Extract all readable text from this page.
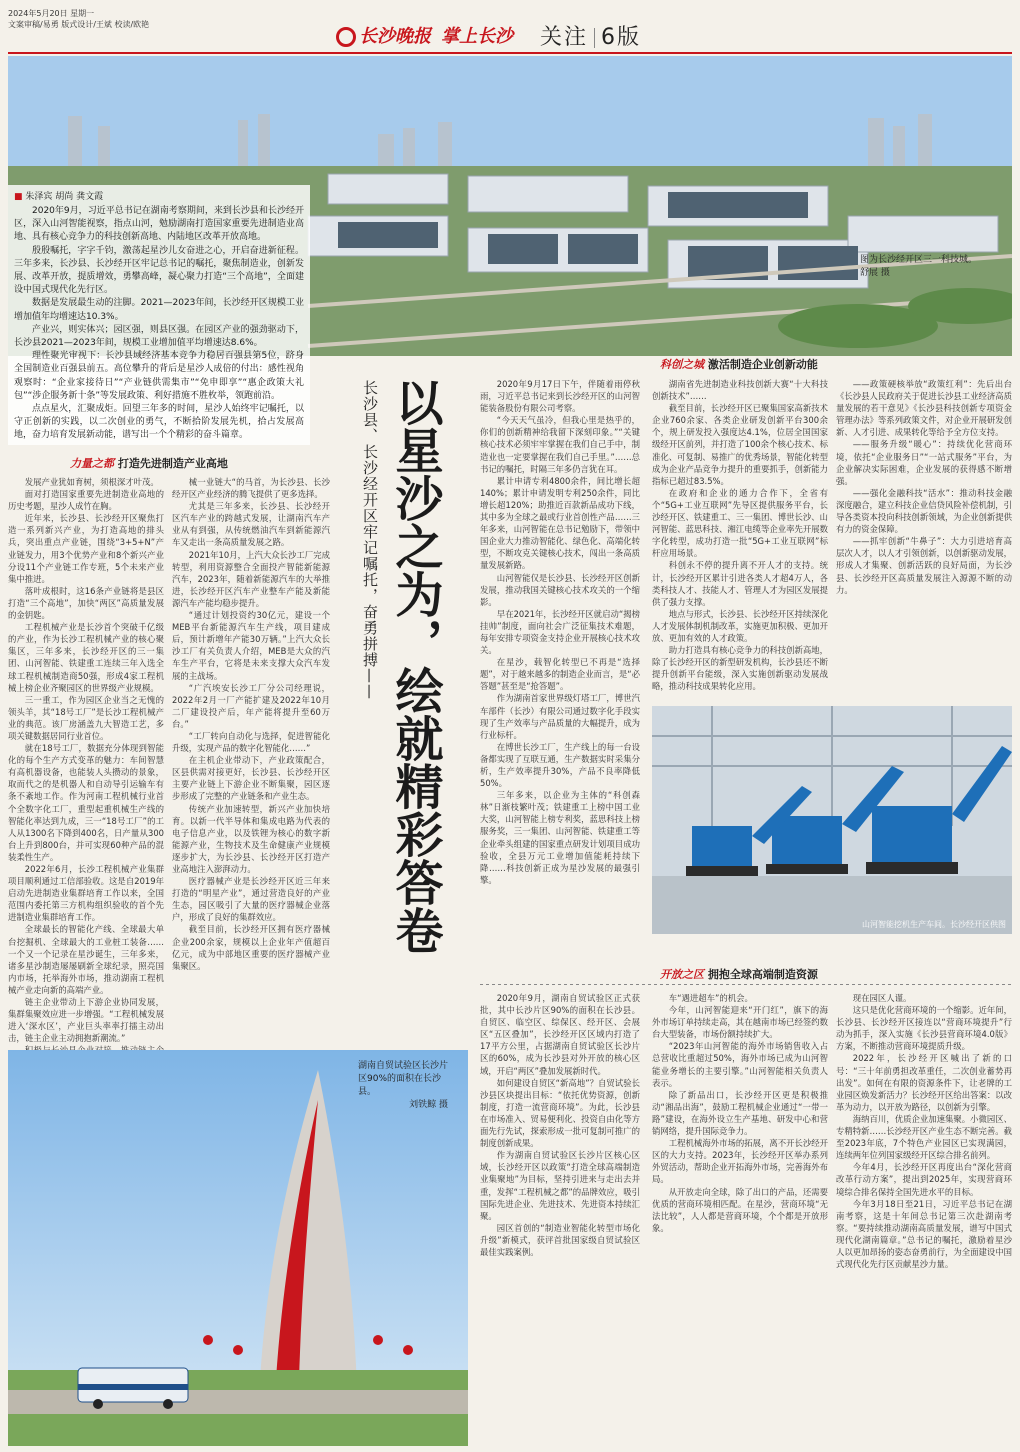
2024年5月20日 星期一
文案审稿/易勇 版式设计/王斌 校读/欧艳
长沙晚报 掌上长沙 关注 6版
图为长沙经开区三一科技城。
舒展 摄
■ 朱泽宾 胡尚 龚文霞
2020年9月，习近平总书记在湖南考察期间，来到长沙县和长沙经开区，深入山河智能视察，指点山河，勉励湖南打造国家重要先进制造业高地、具有核心竞争力的科技创新高地、内陆地区改革开放高地。
殷殷嘱托，字字千钧，激荡起星沙儿女奋进之心，开启奋进新征程。三年多来，长沙县、长沙经开区牢记总书记的嘱托，聚焦制造业，创新发展、改革开放，提质增效，勇攀高峰，凝心聚力打造“三个高地”，全面建设中国式现代化先行区。
数据是发展最生动的注脚。2021—2023年间，长沙经开区规模工业增加值年均增速达10.3%。
产业兴，则实体兴；园区强，则县区强。在园区产业的强劲驱动下，长沙县2021—2023年间，规模工业增加值平均增速达8.6%。
理性聚光审视下：长沙县域经济基本竞争力稳居百强县第5位，跻身全国制造业百强县前五。高位攀升的背后是星沙人成倍的付出：感性视角观察时：“企业家接待日”“产业链供需集市”“免申即享”“惠企政策大礼包”“涉企服务新十条”等发展政策、利好措施不胜枚举，领跑前沿。
点点星火，汇聚成炬。回望三年多的时间，星沙人始终牢记嘱托，以守正创新的实践，以二次创业的勇气，不断拾阶发展先机，拾占发展高地，奋力培育发展新动能，谱写出一个个精彩的奋斗篇章。
力量之都 打造先进制造产业高地

发展产业犹如育树，须根深才叶茂。

面对打造国家重要先进制造业高地的历史考题，星沙人成竹在胸。

近年来，长沙县、长沙经开区聚焦打造一系列新兴产业，为打造高地的排头兵，突出重点产业链，围绕“3+5+N”产业链发力，用3个优势产业和8个新兴产业分设11个产业链工作专班，5个未来产业集中推进。

落叶成根时，这16条产业链将是县区打造“三个高地”，加快“两区”高质量发展的金钥匙。

工程机械产业是长沙首个突破千亿级的产业，作为长沙工程机械产业的核心聚集区，三年多来，长沙经开区的三一集团、山河智能、铁建重工连续三年入选全球工程机械制造商50强，形成4家工程机械上榜企业齐聚园区的世界级产业规模。

三一重工，作为园区企业当之无愧的领头羊，其“18号工厂”是长沙工程机械产业的典范。该厂房涵盖九大智造工艺，多项关键数据居同行业首位。

就在18号工厂，数据充分体现到智能化的每个生产方式变革的魅力：车间智慧有高机器设备，也能装人头攒动的景象，取而代之的是机器人和自动导引运输车有条不紊地工作。作为河南工程机械行业首个全数字化工厂，重型起重机械生产线的智能化率达到九成，三一“18号工厂”的工人从1300名下降到400名，日产量从300台上升到800台，并可实现60种产品的混装柔性生产。

2022年6月，长沙工程机械产业集群项目顺利通过工信部验收。这是自2019年启动先进制造业集群培育工作以来，全国范围内委托第三方机构组织验收的首个先进制造业集群培育工作。

全球最长的智能化产线、全球最大单台挖掘机、全球最大的工业桩工装备……一个又一个记录在星沙诞生，三年多来，诸多星沙制造屡屡刷新全球纪录，照亮国内市场，托举海外市场，推动湖南工程机械产业走向新的高端产业。

链主企业带动上下游企业协同发展，集群集聚效应进一步增强。“工程机械发展进入‘深水区’，产业巨头率率打擂主动出击，链主企业主动拥抱新潮流。”

械一业链大“的马首，为长沙县、长沙经开区产业经济的腾飞提供了更多选择。

尤其是三年多来，长沙县、长沙经开区汽车产业的跨越式发展，让湖南汽车产业从有到强，从传统燃油汽车到新能源汽车又走出一条高质量发展之路。

2021年10月，上汽大众长沙工厂完成转型，利用资源整合全面投产智能新能源汽车，2023年，随着新能源汽车的大举推进，长沙经开区汽车产业整车产能及新能源汽车产能均稳步提升。

“通过计划投资约30亿元，建设一个MEB平台新能源汽车生产线，项目建成后，预计新增年产能30万辆。”上汽大众长沙工厂有关负责人介绍，MEB是大众的汽车生产平台，它将是未来支撑大众汽车发展的主战场。

“广汽埃安长沙工厂分公司经理说，2022年2月一厂产能扩建及2022年10月二厂建设投产后，年产能将提升至60万台。”

“工厂转向自动化与选择，促进智能化升级，实现产品的数字化智能化……”

在主机企业带动下，产业政策配合，区县供需对接更好，长沙县、长沙经开区主要产业链上下游企业不断集聚，园区逐步形成了完整的产业链条和产业生态。

传统产业加速转型，新兴产业加快培育。以新一代半导体和集成电路为代表的电子信息产业，以及铁锂为核心的数字新能源产业，生物技术及生命健康产业规模逐步扩大，为长沙县、长沙经开区打造产业高地注入澎湃动力。

医疗器械产业是长沙经开区近三年来打造的“明星产业”，通过营造良好的产业生态，园区吸引了大量的医疗器械企业落户，形成了良好的集群效应。

截至目前，长沙经开区拥有医疗器械企业200余家，规模以上企业年产值超百亿元，成为中部地区重要的医疗器械产业集聚区。

以星沙之为，绘就精彩答卷
长沙县、长沙经开区牢记嘱托，奋勇拼搏——	2020年9月17日下午，伴随着雨停秋雨，习近平总书记来到长沙经开区的山河智能装备股份有限公司考察。

“今天天气虽冷，但我心里是热乎的，你们的创新精神给我留下深刻印象。”“关键核心技术必须牢牢掌握在我们自己手中，制造业也一定要掌握在我们自己手里。”……总书记的嘱托，时隔三年多仍言犹在耳。

累计申请专利4800余件，间比增长超140%；累计申请发明专利250余件，同比增长超120%；助推近百款新品成功下线，其中多为全球之最或行业首创性产品……三年多来，山河智能在总书记勉励下，带领中国企业大力推动智能化、绿色化、高端化转型，不断攻克关键核心技术，闯出一条高质量发展新路。

山河智能仅是长沙县、长沙经开区创新发展，推动我国关键核心技术攻关的一个缩影。

早在2021年，长沙经开区就启动“揭榜挂帅”制度，面向社会广泛征集技术难题，每年安排专项资金支持企业开展核心技术攻关。

在星沙，载智化转型已不再是“选择题”，对于越来越多的制造企业而言，是“必答题”甚至是“抢答题”。

作为湖南首家世界级灯塔工厂，博世汽车部件（长沙）有限公司通过数字化手段实现了生产效率与产品质量的大幅提升，成为行业标杆。

在博世长沙工厂，生产线上的每一台设备都实现了互联互通，生产数据实时采集分析，生产效率提升30%，产品不良率降低50%。

三年多来，以企业为主体的“科创森林”日渐枝繁叶茂；铁建重工上榜中国工业大奖，山河智能上榜专利奖，蓝思科技上榜服务奖，三一集团、山河智能、铁建重工等企业牵头组建的国家重点研发计划项目成功验收，全县万元工业增加值能耗持续下降……科技创新正成为星沙发展的最强引擎。

科创之城 激活制造企业创新动能

湖南省先进制造业科技创新大赛“十大科技创新技术”……

截至目前，长沙经开区已聚集国家高新技术企业760余家、各类企业研发创新平台300余个，规上研发投入强度达4.1%，位居全国国家级经开区前列，并打造了100余个核心技术、标准化、可复制、易推广的优秀场景，智能化转型成为企业产品竞争力提升的重要抓手，创新能力指标已超过83.5%。

在政府和企业的通力合作下，全省有个“5G+工业互联网”先导区提供服务平台，长沙经开区、铁建重工、三一集团、博世长沙、山河智能、蓝思科技、湘江电缆等企业率先开展数字化转型，成功打造一批“5G+工业互联网”标杆应用场景。

科创永不停的提升离不开人才的支持。统计，长沙经开区累计引进各类人才超4万人，各类科技人才、技能人才、管理人才为园区发展提供了强力支撑。

地点与形式，长沙县、长沙经开区持续深化人才发展体制机制改革，实施更加积极、更加开放、更加有效的人才政策。

助力打造具有核心竞争力的科技创新高地，除了长沙经开区的新型研发机构，长沙县还不断提升创新平台能级，深入实施创新驱动发展战略，推动科技成果转化应用。

——政策硬核举放“政策红利”：先后出台《长沙县人民政府关于促进长沙县工业经济高质量发展的若干意见》《长沙县科技创新专项资金管理办法》等系列政策文件，对企业开展研发创新、人才引进、成果转化等给予全方位支持。

——服务升级“暖心”：持续优化营商环境，依托“企业服务日”“一站式服务”平台，为企业解决实际困难，企业发展的获得感不断增强。

——强化金融科技“活水”：推动科技金融深度融合，建立科技企业信贷风险补偿机制，引导各类资本投向科技创新领域，为企业创新提供有力的资金保障。

——抓牢创新“牛鼻子”：大力引进培育高层次人才，以人才引领创新，以创新驱动发展，形成人才集聚、创新活跃的良好局面，为长沙县、长沙经开区高质量发展注入源源不断的动力。

山河智能挖机生产车间。长沙经开区供图
开放之区 拥抱全球高端制造资源
湖南自贸试验区长沙片区90%的面积在长沙县。
刘铁鲸 摄

2020年9月，湖南自贸试验区正式获批，其中长沙片区90%的面积在长沙县。自贸区、临空区、综保区、经开区、会展区“五区叠加”，长沙经开区区域内打造了17平方公里，占据湖南自贸试验区长沙片区的60%，成为长沙县对外开放的核心区域，开启“两区”叠加发展新时代。

如何建设自贸区“新高地”？自贸试验长沙县区块提出目标：“依托优势资源，创新制度，打造一流营商环境”。为此，长沙县在市场准入、贸易便利化、投资自由化等方面先行先试，探索形成一批可复制可推广的制度创新成果。

作为湖南自贸试验区长沙片区核心区域，长沙经开区以政策“打造全球高端制造业集聚地”为目标，坚持引进来与走出去并重，发挥“工程机械之都”的品牌效应，吸引国际先进企业、先进技术、先进资本持续汇聚。

园区首创的“制造业智能化转型市场化升级”新模式，获评首批国家级自贸试验区最佳实践案例。

车“遇进超车”的机会。

今年，山河智能迎来“开门红”，旗下的海外市场订单持续走高，其在越南市场已经签约数台大型装备，市场份额持续扩大。

“2023年山河智能的海外市场销售收入占总营收比重超过50%，海外市场已成为山河智能业务增长的主要引擎。”山河智能相关负责人表示。

除了新品出口，长沙经开区更是积极推动“湘品出海”，鼓励工程机械企业通过“一带一路”建设，在海外设立生产基地、研发中心和营销网络，提升国际竞争力。

工程机械海外市场的拓展，离不开长沙经开区的大力支持。2023年，长沙经开区举办系列外贸活动，帮助企业开拓海外市场，完善海外布局。

从开放走向全球，除了出口的产品，还需要优质的营商环境相匹配。在星沙，营商环境“无法比较”，人人都是营商环境，个个都是开放形象。

现在园区人谨。

这只是优化营商环境的一个缩影。近年间，长沙县、长沙经开区接连以“营商环境提升”行动为抓手，深入实施《长沙县营商环境4.0版》方案，不断推动营商环境提质升级。

2022年，长沙经开区喊出了新的口号：“三十年前勇担改革重任，二次创业蓄势再出发”。如何在有限的资源条件下，让老牌的工业园区焕发新活力？长沙经开区给出答案：以改革为动力，以开放为路径，以创新为引擎。

海纳百川，优质企业加速集聚。小微园区、专精特新……长沙经开区产业生态不断完善。截至2023年底，7个特色产业园区已实现满园，连续两年位列国家级经开区综合排名前列。

今年4月，长沙经开区再度出台“深化营商改革行动方案”，提出到2025年，实现营商环境综合排名保持全国先进水平的目标。

今年3月18日至21日，习近平总书记在湖南考察，这是十年间总书记第三次赴湖南考察。“要持续推动湖南高质量发展，谱写中国式现代化湖南篇章。”总书记的嘱托，激励着星沙人以更加昂扬的姿态奋勇前行，为全面建设中国式现代化先行区贡献星沙力量。
